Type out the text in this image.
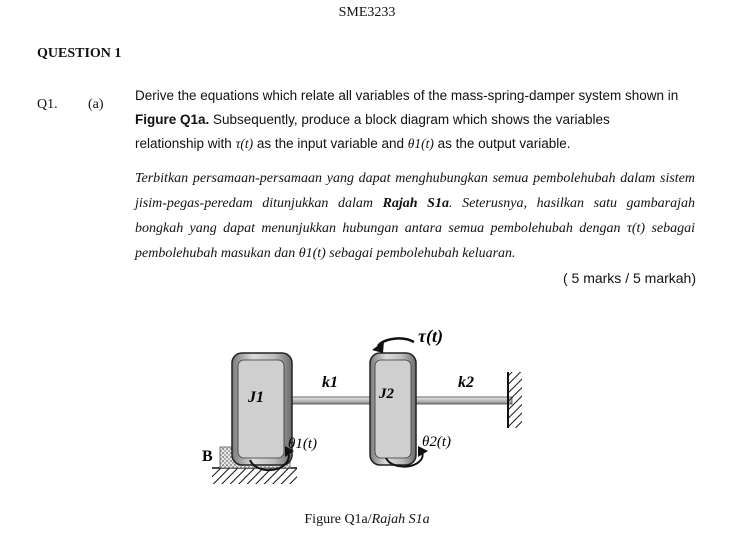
SME3233
QUESTION 1
Q1. (a)
Derive the equations which relate all variables of the mass-spring-damper system shown in
Figure Q1a. Subsequently, produce a block diagram which shows the variables
relationship with τ(t) as the input variable and θ1(t) as the output variable.
Terbitkan persamaan-persamaan yang dapat menghubungkan semua pembolehubah dalam sistem jisim-pegas-peredam ditunjukkan dalam Rajah S1a. Seterusnya, hasilkan satu gambarajah bongkah yang dapat menunjukkan hubungan antara semua pembolehubah dengan τ(t) sebagai pembolehubah masukan dan θ1(t) sebagai pembolehubah keluaran.
( 5 marks / 5 markah)
J1	J2
k1	k2
B
θ1(t)	θ2(t)
τ(t)
Figure Q1a/Rajah S1a
